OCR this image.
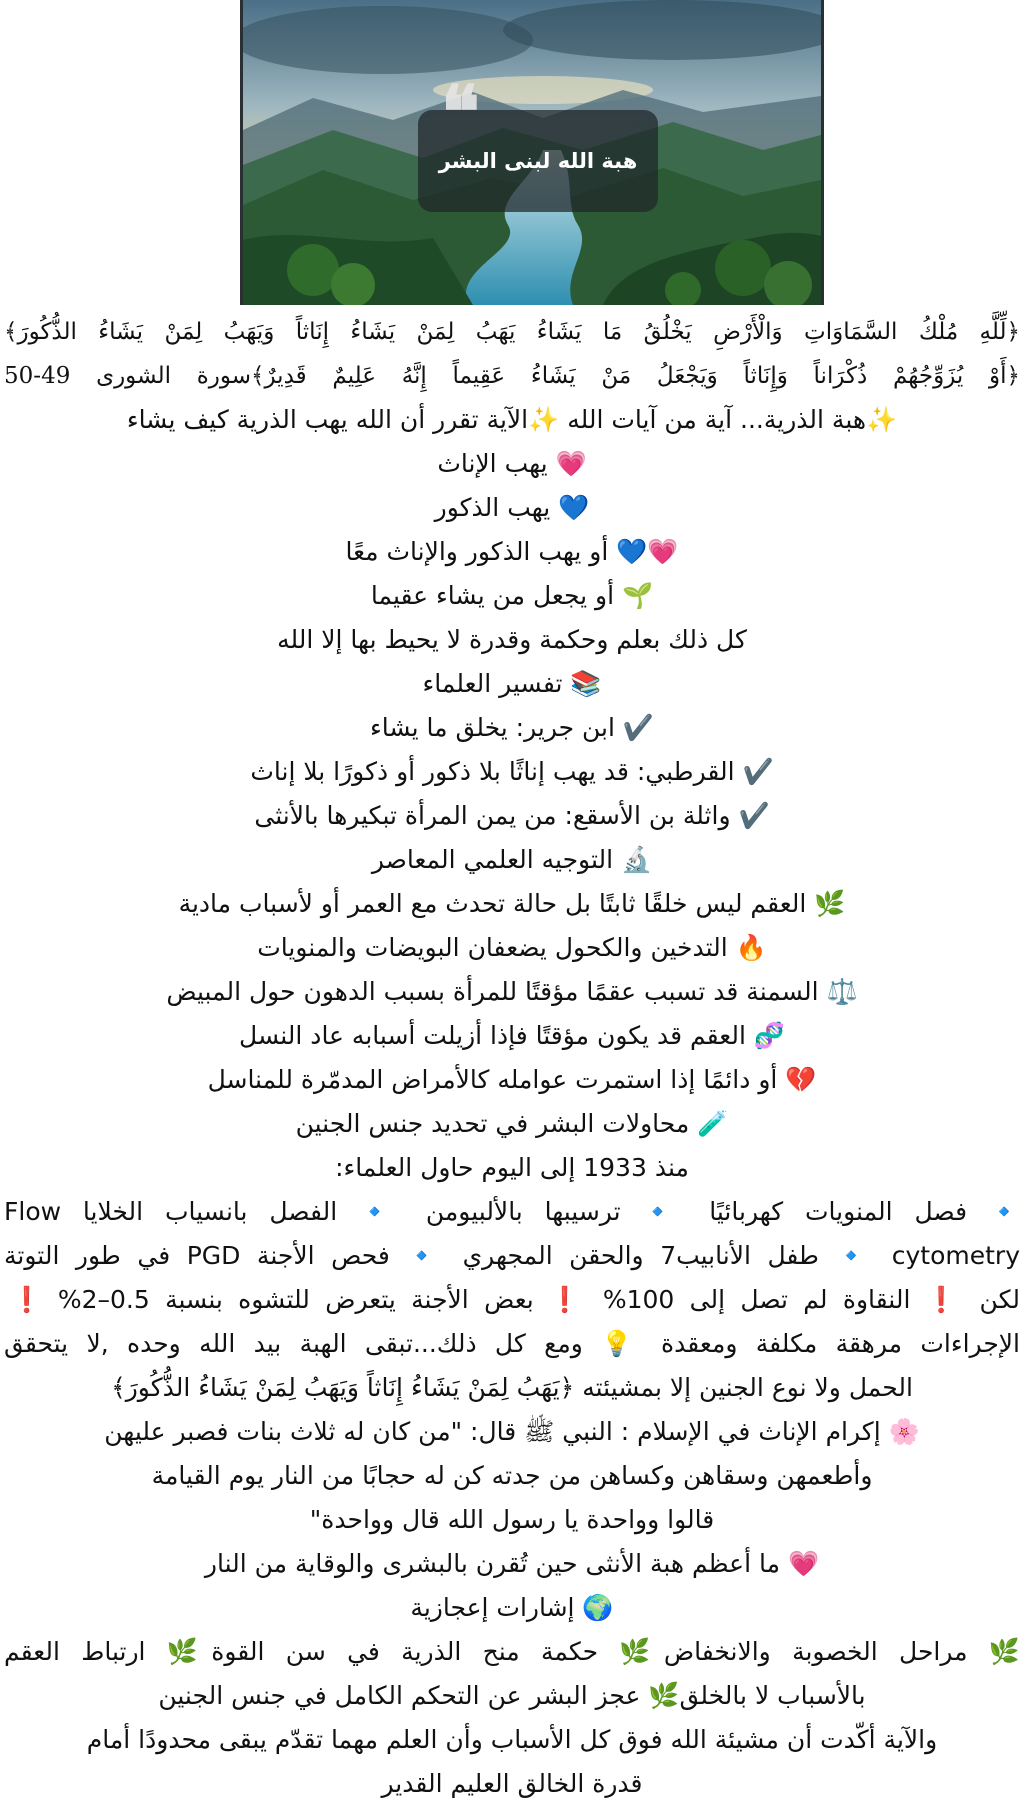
هبة الله لبنى البشر
﴿لِّلَّهِ مُلْكُ السَّمَاوَاتِ وَالْأَرْضِ يَخْلُقُ مَا يَشَاءُ يَهَبُ لِمَنْ يَشَاءُ إِنَاثاً وَيَهَبُ لِمَنْ يَشَاءُ الذُّكُورَ﴾
﴿أَوْ يُزَوِّجُهُمْ ذُكْرَاناً وَإِنَاثاً وَيَجْعَلُ مَنْ يَشَاءُ عَقِيماً إِنَّهُ عَلِيمٌ قَدِيرٌ﴾سورة الشورى 49-50
✨هبة الذرية... آية من آيات الله ✨الآية تقرر أن الله يهب الذرية كيف يشاء
💗 يهب الإناث
💙 يهب الذكور
💗💙 أو يهب الذكور والإناث معًا
🌱 أو يجعل من يشاء عقيما
كل ذلك بعلم وحكمة وقدرة لا يحيط بها إلا الله
📚 تفسير العلماء
✔️ ابن جرير: يخلق ما يشاء
✔️ القرطبي: قد يهب إناثًا بلا ذكور أو ذكورًا بلا إناث
✔️ واثلة بن الأسقع: من يمن المرأة تبكيرها بالأنثى
🔬 التوجيه العلمي المعاصر
🌿 العقم ليس خلقًا ثابتًا بل حالة تحدث مع العمر أو لأسباب مادية
🔥 التدخين والكحول يضعفان البويضات والمنويات
⚖️ السمنة قد تسبب عقمًا مؤقتًا للمرأة بسبب الدهون حول المبيض
🧬 العقم قد يكون مؤقتًا فإذا أزيلت أسبابه عاد النسل
💔 أو دائمًا إذا استمرت عوامله كالأمراض المدمّرة للمناسل
🧪 محاولات البشر في تحديد جنس الجنين
منذ 1933 إلى اليوم حاول العلماء:
🔹 فصل المنويات كهربائيًا 🔹 ترسيبها بالألبيومن 🔹 الفصل بانسياب الخلايا Flow
cytometry 🔹 طفل الأنابيب7 والحقن المجهري 🔹 فحص الأجنة PGD في طور التوتة
لكن ❗ النقاوة لم تصل إلى 100% ❗ بعض الأجنة يتعرض للتشوه بنسبة 0.5–2% ❗
الإجراءات مرهقة مكلفة ومعقدة 💡 ومع كل ذلك...تبقى الهبة بيد الله وحده ,لا يتحقق
الحمل ولا نوع الجنين إلا بمشيئته ﴿يَهَبُ لِمَنْ يَشَاءُ إِنَاثاً وَيَهَبُ لِمَنْ يَشَاءُ الذُّكُورَ﴾
🌸 إكرام الإناث في الإسلام : النبي ﷺ قال: "من كان له ثلاث بنات فصبر عليهن
وأطعمهن وسقاهن وكساهن من جدته كن له حجابًا من النار يوم القيامة
قالوا وواحدة يا رسول الله قال وواحدة"
💗 ما أعظم هبة الأنثى حين تُقرن بالبشرى والوقاية من النار
🌍 إشارات إعجازية
🌿 مراحل الخصوبة والانخفاض🌿 حكمة منح الذرية في سن القوة🌿 ارتباط العقم
بالأسباب لا بالخلق🌿 عجز البشر عن التحكم الكامل في جنس الجنين
والآية أكّدت أن مشيئة الله فوق كل الأسباب وأن العلم مهما تقدّم يبقى محدودًا أمام
قدرة الخالق العليم القدير
